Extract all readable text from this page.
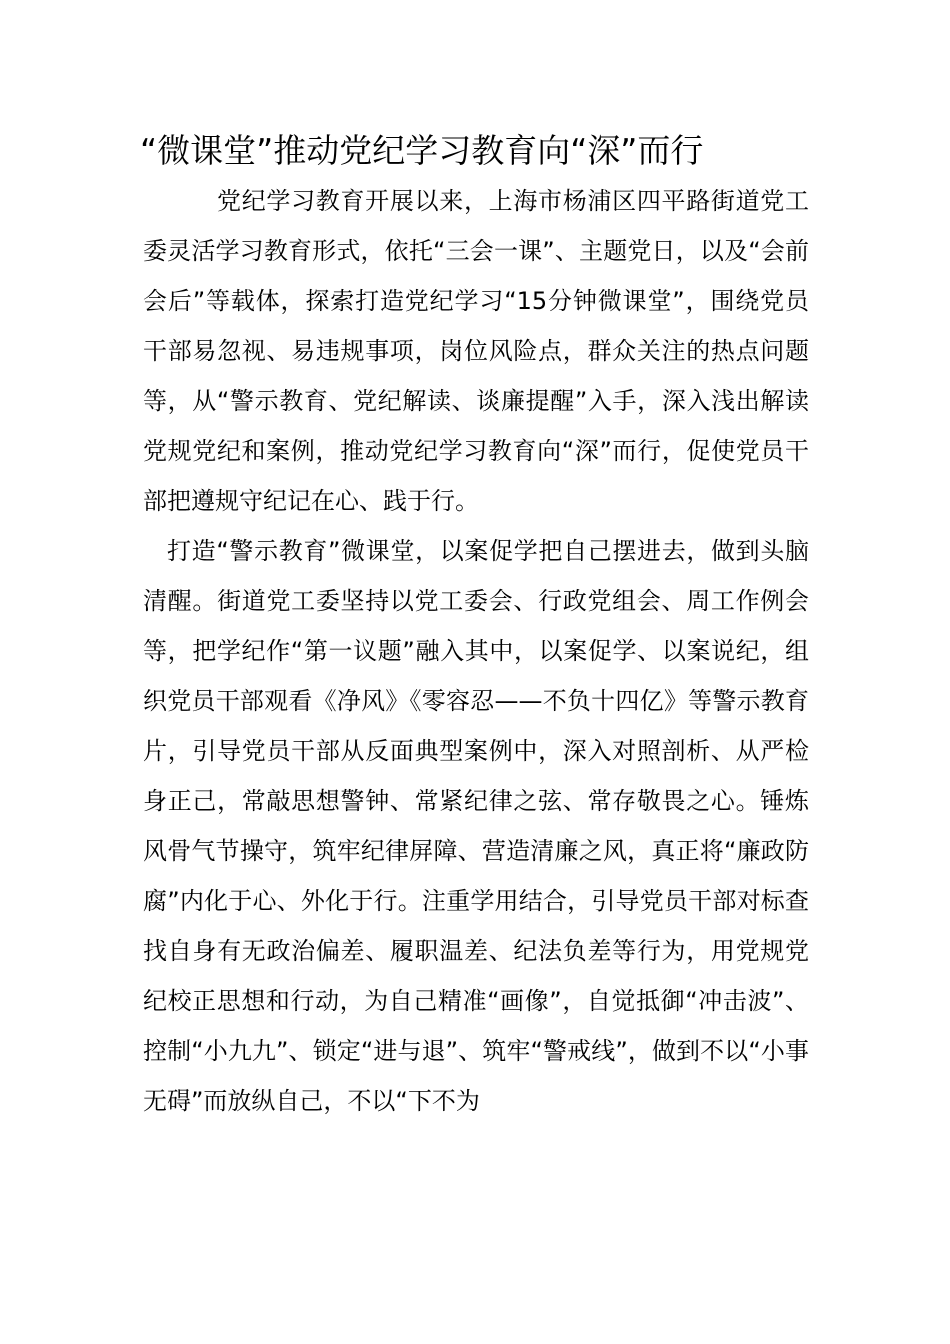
“微课堂”推动党纪学习教育向“深”而行

党纪学习教育开展以来，上海市杨浦区四平路街道党工委灵活学习教育形式，依托“三会一课”、主题党日，以及“会前会后”等载体，探索打造党纪学习“15分钟微课堂”，围绕党员干部易忽视、易违规事项，岗位风险点，群众关注的热点问题等，从“警示教育、党纪解读、谈廉提醒”入手，深入浅出解读党规党纪和案例，推动党纪学习教育向“深”而行，促使党员干部把遵规守纪记在心、践于行。

打造“警示教育”微课堂，以案促学把自己摆进去，做到头脑清醒。街道党工委坚持以党工委会、行政党组会、周工作例会等，把学纪作“第一议题”融入其中，以案促学、以案说纪，组织党员干部观看《净风》《零容忍——不负十四亿》等警示教育片，引导党员干部从反面典型案例中，深入对照剖析、从严检身正己，常敲思想警钟、常紧纪律之弦、常存敬畏之心。锤炼风骨气节操守，筑牢纪律屏障、营造清廉之风，真正将“廉政防腐”内化于心、外化于行。注重学用结合，引导党员干部对标查找自身有无政治偏差、履职温差、纪法负差等行为，用党规党纪校正思想和行动，为自己精准“画像”，自觉抵御“冲击波”、控制“小九九”、锁定“进与退”、筑牢“警戒线”，做到不以“小事无碍”而放纵自己，不以“下不为
